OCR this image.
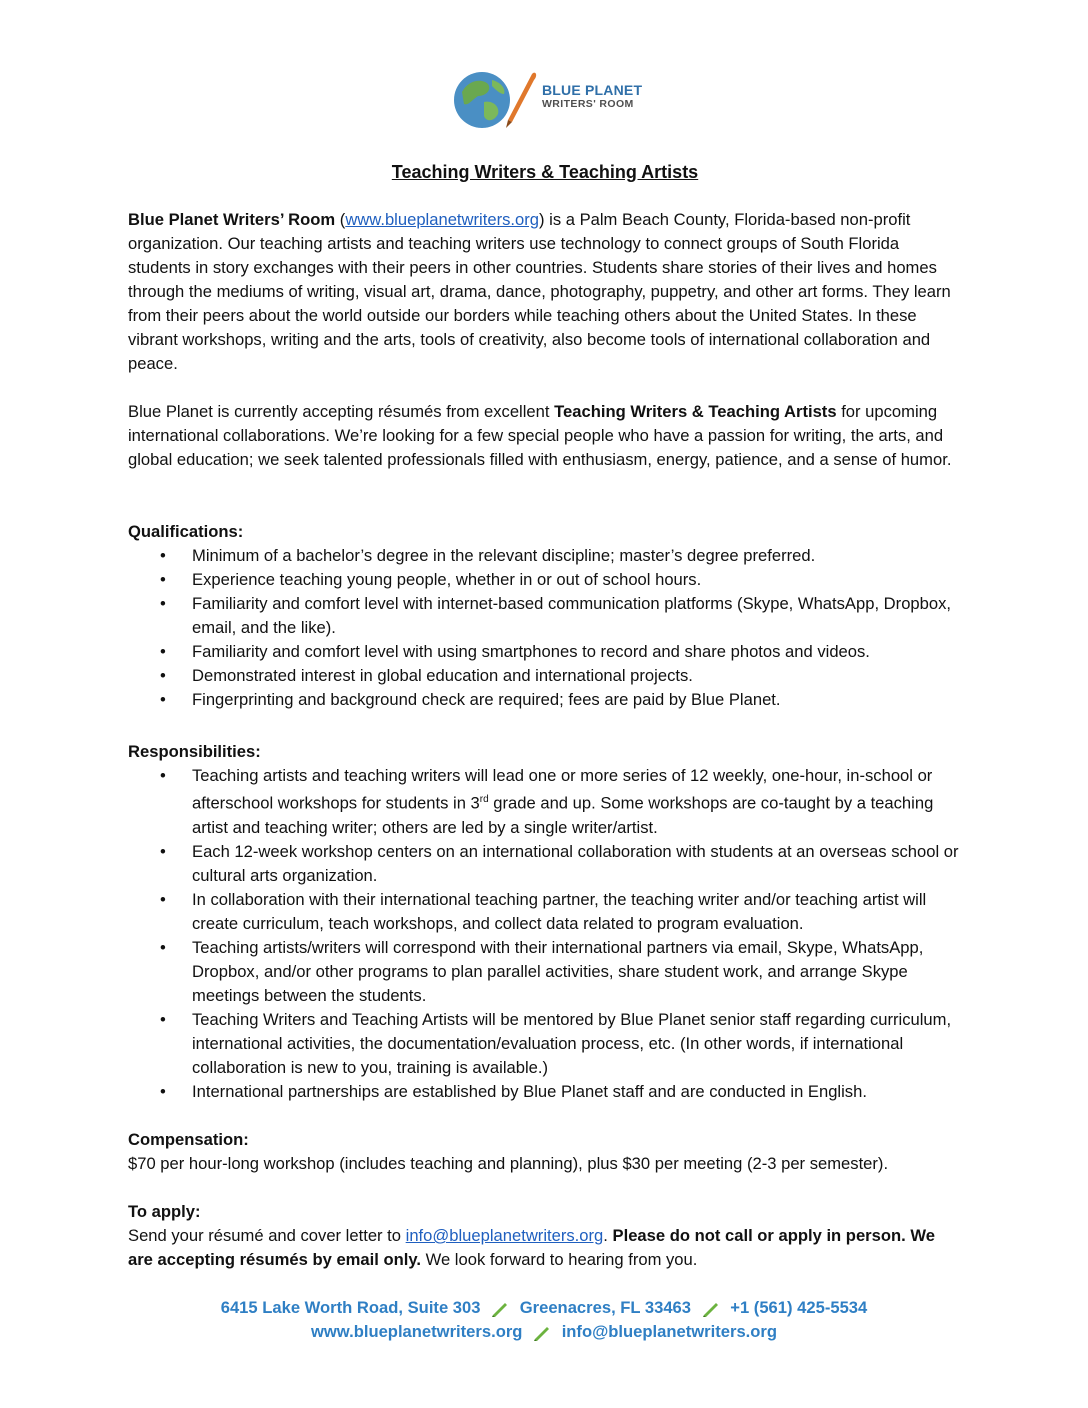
BLUE PLANET
WRITERS' ROOM
Teaching Writers & Teaching Artists

Blue Planet Writers’ Room (www.blueplanetwriters.org) is a Palm Beach County, Florida-based non-profit organization. Our teaching artists and teaching writers use technology to connect groups of South Florida students in story exchanges with their peers in other countries. Students share stories of their lives and homes through the mediums of writing, visual art, drama, dance, photography, puppetry, and other art forms. They learn from their peers about the world outside our borders while teaching others about the United States. In these vibrant workshops, writing and the arts, tools of creativity, also become tools of international collaboration and peace.

Blue Planet is currently accepting résumés from excellent Teaching Writers & Teaching Artists for upcoming international collaborations. We’re looking for a few special people who have a passion for writing, the arts, and global education; we seek talented professionals filled with enthusiasm, energy, patience, and a sense of humor.

Qualifications:
• Minimum of a bachelor’s degree in the relevant discipline; master’s degree preferred.
• Experience teaching young people, whether in or out of school hours.
• Familiarity and comfort level with internet-based communication platforms (Skype, WhatsApp, Dropbox, email, and the like).
• Familiarity and comfort level with using smartphones to record and share photos and videos.
• Demonstrated interest in global education and international projects.
• Fingerprinting and background check are required; fees are paid by Blue Planet.
Responsibilities:
• Teaching artists and teaching writers will lead one or more series of 12 weekly, one-hour, in-school or afterschool workshops for students in 3rd grade and up. Some workshops are co-taught by a teaching artist and teaching writer; others are led by a single writer/artist.
• Each 12-week workshop centers on an international collaboration with students at an overseas school or cultural arts organization.
• In collaboration with their international teaching partner, the teaching writer and/or teaching artist will create curriculum, teach workshops, and collect data related to program evaluation.
• Teaching artists/writers will correspond with their international partners via email, Skype, WhatsApp, Dropbox, and/or other programs to plan parallel activities, share student work, and arrange Skype meetings between the students.
• Teaching Writers and Teaching Artists will be mentored by Blue Planet senior staff regarding curriculum, international activities, the documentation/evaluation process, etc. (In other words, if international collaboration is new to you, training is available.)
• International partnerships are established by Blue Planet staff and are conducted in English.
Compensation:

$70 per hour-long workshop (includes teaching and planning), plus $30 per meeting (2-3 per semester).

To apply:

Send your résumé and cover letter to info@blueplanetwriters.org. Please do not call or apply in person. We are accepting résumés by email only. We look forward to hearing from you.

6415 Lake Worth Road, Suite 303 Greenacres, FL 33463 +1 (561) 425-5534
www.blueplanetwriters.org info@blueplanetwriters.org
